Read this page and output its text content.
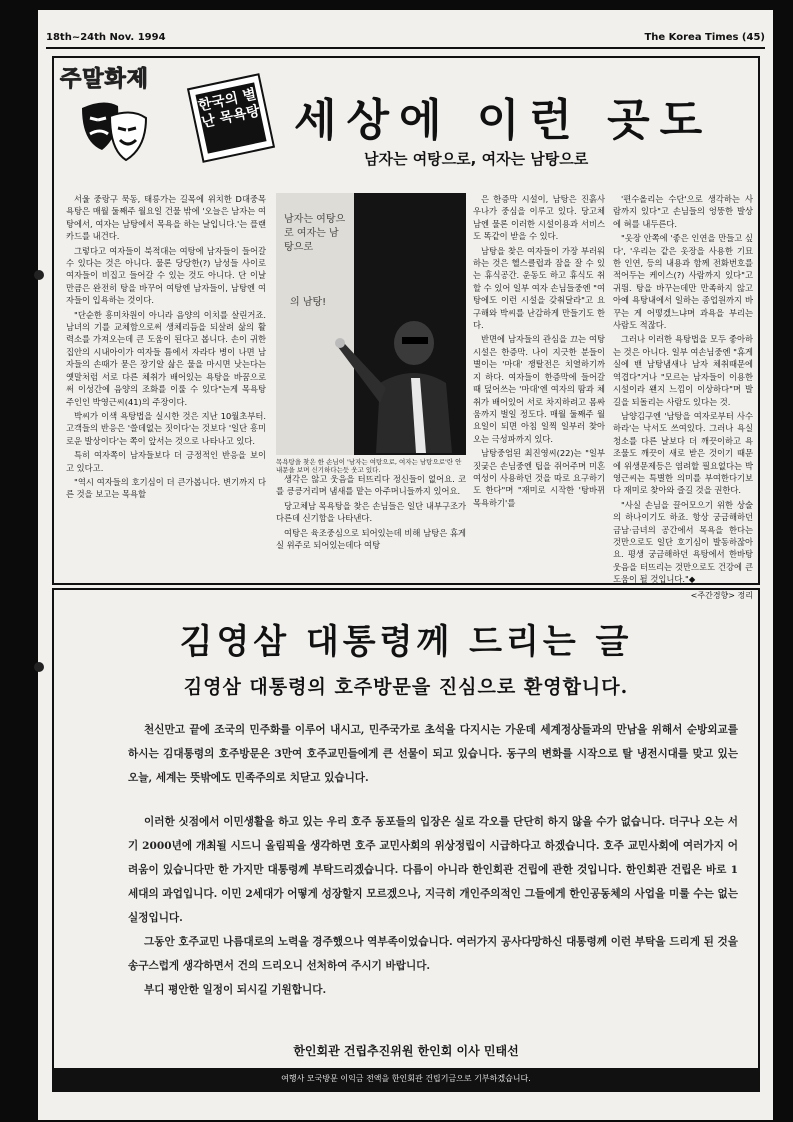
18th~24th Nov. 1994	The Korea Times (45)
주말화제
한국의 별난 목욕탕 세상에 이런 곳도
남자는 여탕으로, 여자는 남탕으로

서울 중랑구 묵동, 태릉가는 길목에 위치한 D대중목욕탕은 매월 둘째주 월요일 건물 밖에 '오늘은 남자는 여탕에서, 여자는 남탕에서 목욕을 하는 날입니다.'는 플랜카드를 내건다.

그렇다고 여자들이 북적대는 여탕에 남자들이 들어갈 수 있다는 것은 아니다. 물론 당당한(?) 남성들 사이로 여자들이 비집고 들어갈 수 있는 것도 아니다. 단 이날 만큼은 완전히 탕을 바꾸어 여탕엔 남자들이, 남탕엔 여자들이 입욕하는 것이다.

"단순한 흥미차원이 아니라 음양의 이치를 살린거죠. 남녀의 기를 교체함으로써 생체리듬을 되살려 삶의 활력소를 가져오는데 큰 도움이 된다고 봅니다. 손이 귀한 집안의 시내아이가 여자들 틈에서 자라다 병이 나면 남자들의 손때가 묻은 장기알 삶은 물을 마시면 낫는다는 옛말처럼 서로 다른 체취가 배어있는 욕탕을 바꿈으로써 이성간에 음양의 조화를 이룰 수 있다"는게 목욕탕 주인인 박영근씨(41)의 주장이다.

박씨가 이색 욕탕법을 실시한 것은 지난 10월초부터. 고객들의 반응은 '쓸데없는 짓이다'는 것보다 '일단 흥미로운 발상이다'는 쪽이 앞서는 것으로 나타나고 있다.

특히 여자쪽이 남자들보다 더 긍정적인 반응을 보이고 있다고.

"역시 여자들의 호기심이 더 큰가봅니다. 변기까지 다른 것을 보고는 목욕할

남자는 여탕으로 여자는 남탕으로
의 남탕!
목욕탕을 찾은 한 손님이 '남자는 여탕으로, 여자는 남탕으로'란 안내문을 보며 신기하다는듯 웃고 있다.

생각은 않고 웃음을 터뜨리다 정신들이 없어요. 코를 킁킁거리며 냄새를 맡는 아주머니들까지 있어요.

당고체남 목욕탕을 찾은 손님들은 일단 내부구조가 다른데 신기함을 나타낸다.

여탕은 육조중심으로 되어있는데 비해 남탕은 휴게실 위주로 되어있는데다 여탕

은 한증막 시설이, 남탕은 진흙사우나가 중심을 이루고 있다. 당고체남엔 물론 이러한 시설이용과 서비스도 똑같이 받을 수 있다.

남탕을 찾은 여자들이 가장 부러워하는 것은 헬스클럽과 잠을 잘 수 있는 휴식공간. 운동도 하고 휴식도 취할 수 있어 일부 여자 손님들중엔 "여탕에도 이런 시설을 갖춰달라"고 요구해와 박씨를 난감하게 만들기도 한다.

반면에 남자들의 관심을 끄는 여탕시설은 한증막. 나이 지긋한 분들이 별이는 '마대' 쟁탈전은 치열하기까지 하다. 여자들이 한증막에 들어갈 때 덮어쓰는 '마대'엔 여자의 땀과 체취가 배어있어 서로 차지하려고 몸싸움까지 벌일 정도다. 매월 둘째주 월요일이 되면 아침 일찍 일부러 찾아오는 극성파까지 있다.

남탕중엄된 최진영씨(22)는 "일부 짓궂은 손님중엔 팁을 쥐어주며 미혼 여성이 사용하던 것을 따로 요구하기도 한다"며 "재미로 시작한 '탕바뀌 목욕하기'를

'편수올리는 수단'으로 생각하는 사람까지 있다"고 손님들의 엉뚱한 발상에 혀를 내두른다.

"옷장 안쪽에 '좋은 인연을 만들고 싶다', '우리는 같은 옷장을 사용한 기묘한 인연, 등의 내용과 함께 전화번호를 적어두는 케이스(?) 사람까지 있다"고 귀띔. 탕을 바꾸는데만 만족하지 않고 아예 욕탕내에서 일하는 종업원까지 바꾸는 게 어떻겠느냐며 과욕을 부리는 사람도 적잖다.

그러나 이러한 욕탕법을 모두 좋아하는 것은 아니다. 일부 여손님중엔 "휴게실에 밴 남탕냄새나 남자 체취때문에 역겹다"거나 "모르는 남자들이 이용한 시설이라 왠지 느낌이 이상하다"며 발길을 되돌리는 사람도 있다는 것.

남양김구엔 '남탕을 여자로부터 사수하라'는 낙서도 쓰여있다. 그러나 욕실청소를 다른 날보다 더 깨끗이하고 욕조물도 깨끗이 새로 받은 것이기 때문에 위생문제등은 염려할 필요없다는 박영근씨는 특별한 의미를 부여한다기보다 재미로 찾아와 즐길 것을 권한다.

"사실 손님을 끌어모으기 위한 상술의 하나이기도 하죠. 항상 궁금해하던 금남·금녀의 공간에서 목욕을 한다는 것만으로도 일단 호기심이 발동하잖아요. 평생 궁금해하던 욕탕에서 한바탕 웃음을 터뜨리는 것만으로도 건강에 큰 도움이 될 것입니다."◆

<주간경향> 정리
김영삼 대통령께 드리는 글
김영삼 대통령의 호주방문을 진심으로 환영합니다.

천신만고 끝에 조국의 민주화를 이루어 내시고, 민주국가로 초석을 다지시는 가운데 세계정상들과의 만남을 위해서 순방외교를 하시는 김대통령의 호주방문은 3만여 호주교민들에게 큰 선물이 되고 있습니다. 동구의 변화를 시작으로 탈 냉전시대를 맞고 있는 오늘, 세계는 뜻밖에도 민족주의로 치닫고 있습니다.

이러한 싯점에서 이민생활을 하고 있는 우리 호주 동포들의 입장은 실로 각오를 단단히 하지 않을 수가 없습니다. 더구나 오는 서기 2000년에 개최될 시드니 올림픽을 생각하면 호주 교민사회의 위상정립이 시급하다고 하겠습니다. 호주 교민사회에 여러가지 어려움이 있습니다만 한 가지만 대통령께 부탁드리겠습니다. 다름이 아니라 한인회관 건립에 관한 것입니다. 한인회관 건립은 바로 1세대의 과업입니다. 이민 2세대가 어떻게 성장할지 모르겠으나, 지극히 개인주의적인 그들에게 한인공동체의 사업을 미룰 수는 없는 실정입니다.

그동안 호주교민 나름대로의 노력을 경주했으나 역부족이었습니다. 여러가지 공사다망하신 대통령께 이런 부탁을 드리게 된 것을 송구스럽게 생각하면서 건의 드리오니 선처하여 주시기 바랍니다.

부디 평안한 일정이 되시길 기원합니다.

한인회관 건립추진위원 한인회 이사 민태선
여행사 모국방문 이익금 전액을 한인회관 건립기금으로 기부하겠습니다.
